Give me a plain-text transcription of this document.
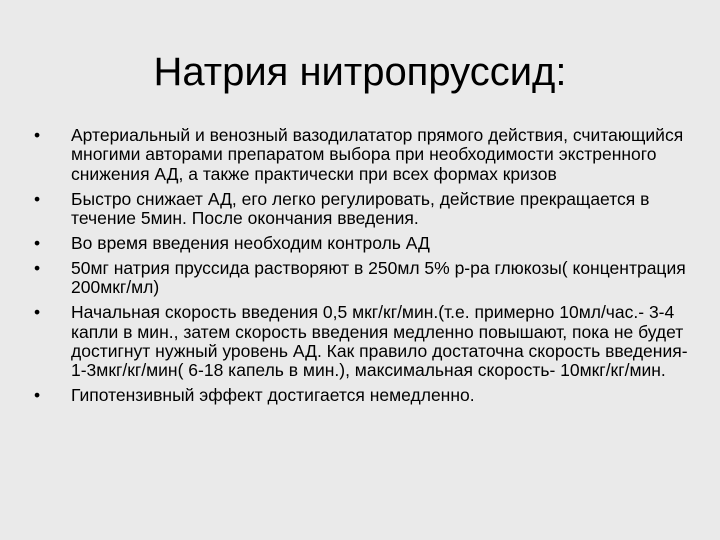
Натрия нитропруссид:
• Артериальный и венозный вазодилататор прямого действия, считающийся многими авторами препаратом выбора при необходимости экстренного снижения АД, а также практически при всех формах кризов
• Быстро снижает АД, его легко регулировать, действие прекращается в течение 5мин. После окончания введения.
• Во время введения необходим контроль АД
• 50мг натрия пруссида растворяют в 250мл 5% р-ра глюкозы( концентрация 200мкг/мл)
• Начальная скорость введения 0,5 мкг/кг/мин.(т.е. примерно 10мл/час.- 3-4 капли в мин., затем скорость введения медленно повышают, пока не будет достигнут нужный уровень АД. Как правило достаточна скорость введения- 1-3мкг/кг/мин( 6-18 капель в мин.), максимальная скорость- 10мкг/кг/мин.
• Гипотензивный эффект достигается немедленно.
